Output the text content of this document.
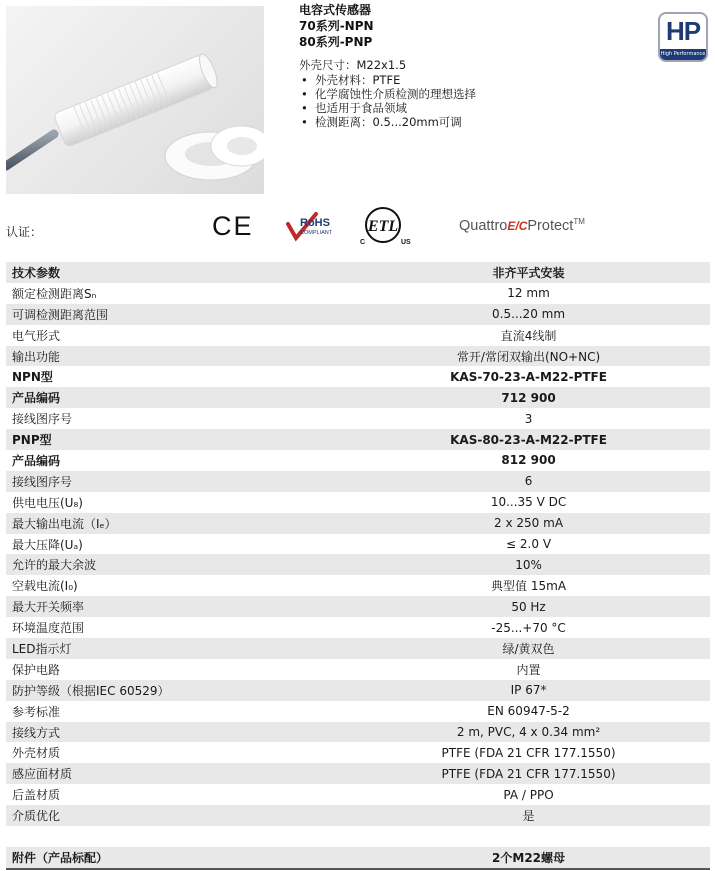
电容式传感器
70系列-NPN
80系列-PNP
外壳尺寸：M22x1.5
• 外壳材料：PTFE
• 化学腐蚀性介质检测的理想选择
• 也适用于食品领域
• 检测距离：0.5...20mm可调
HP
High Performance
认证：	CE	RoHS
COMPLIANT ETL
C	US
QuattroE/CProtect™
技术参数	非齐平式安装
额定检测距离Sₙ	12 mm
可调检测距离范围	0.5...20 mm
电气形式	直流4线制
输出功能	常开/常闭双输出(NO+NC)
NPN型	KAS-70-23-A-M22-PTFE
产品编码	712 900
接线图序号	3
PNP型	KAS-80-23-A-M22-PTFE
产品编码	812 900
接线图序号	6
供电电压(U₈)	10...35 V DC
最大输出电流（Iₑ）	2 x 250 mA
最大压降(Uₐ)	≤ 2.0 V
允许的最大余波	10%
空载电流(I₀)	典型值 15mA
最大开关频率	50 Hz
环境温度范围	-25...+70 °C
LED指示灯	绿/黄双色
保护电路	内置
防护等级（根据IEC 60529）	IP 67*
参考标准	EN 60947-5-2
接线方式	2 m, PVC, 4 x 0.34 mm²
外壳材质	PTFE (FDA 21 CFR 177.1550)
感应面材质	PTFE (FDA 21 CFR 177.1550)
后盖材质	PA / PPO
介质优化	是

附件（产品标配）	2个M22螺母
